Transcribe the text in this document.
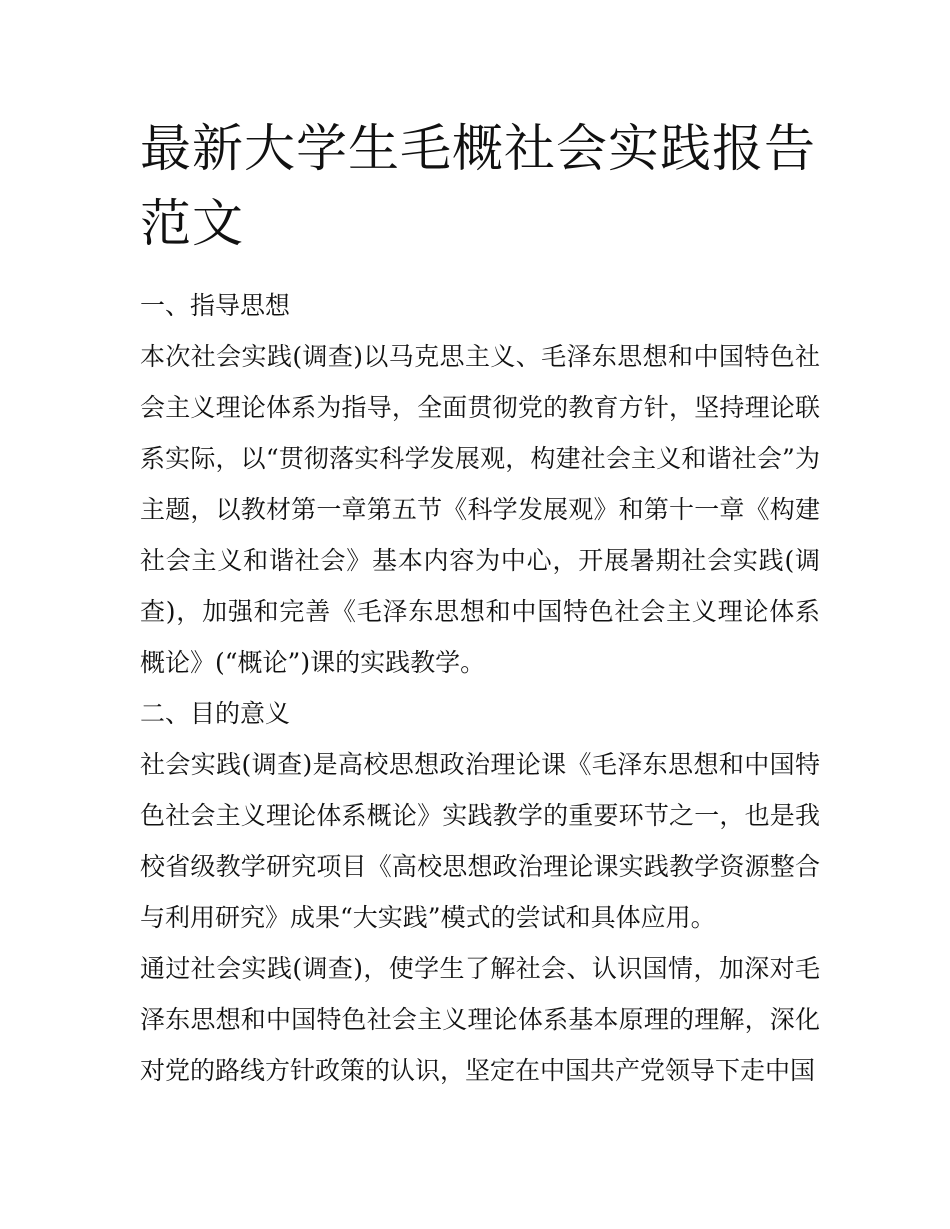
最新大学生毛概社会实践报告范文

一、指导思想

本次社会实践(调查)以马克思主义、毛泽东思想和中国特色社会主义理论体系为指导，全面贯彻党的教育方针，坚持理论联系实际，以“贯彻落实科学发展观，构建社会主义和谐社会”为主题，以教材第一章第五节《科学发展观》和第十一章《构建社会主义和谐社会》基本内容为中心，开展暑期社会实践(调查)，加强和完善《毛泽东思想和中国特色社会主义理论体系概论》(“概论”)课的实践教学。

二、目的意义

社会实践(调查)是高校思想政治理论课《毛泽东思想和中国特色社会主义理论体系概论》实践教学的重要环节之一，也是我校省级教学研究项目《高校思想政治理论课实践教学资源整合与利用研究》成果“大实践”模式的尝试和具体应用。

通过社会实践(调查)，使学生了解社会、认识国情，加深对毛泽东思想和中国特色社会主义理论体系基本原理的理解，深化对党的路线方针政策的认识，坚定在中国共产党领导下走中国
